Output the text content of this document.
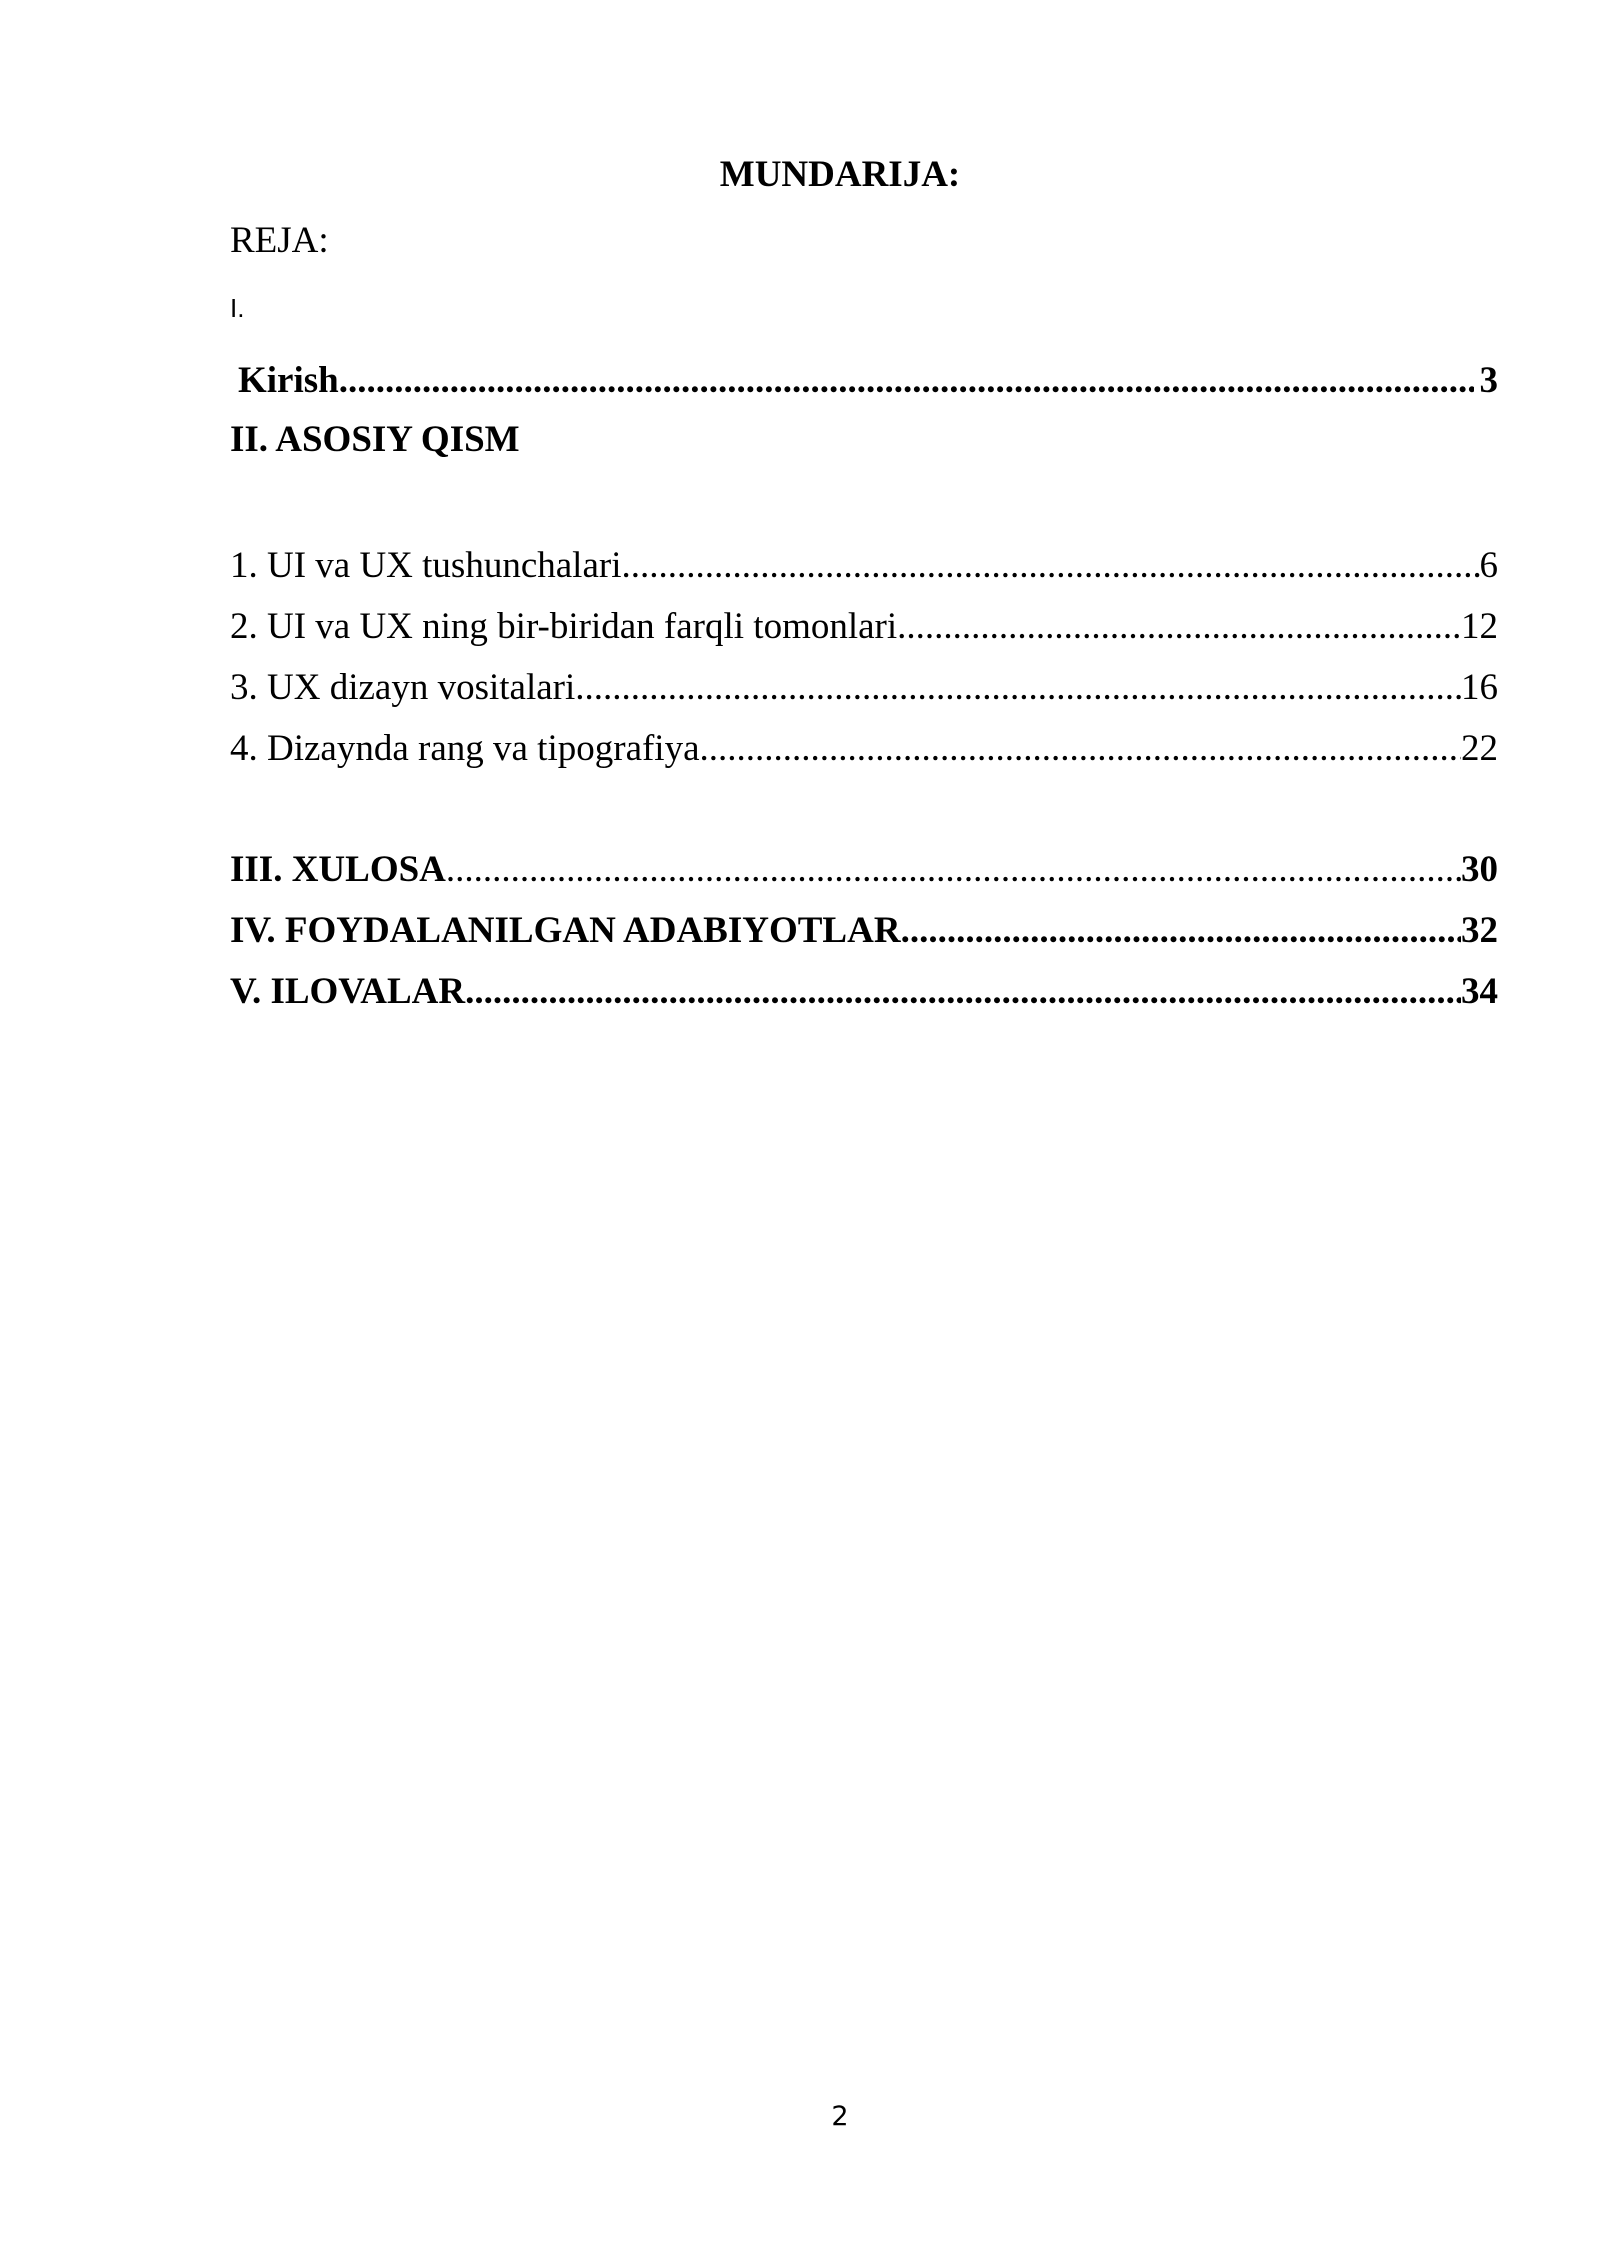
MUNDARIJA:

REJA:

I.

Kirish .....	3
II. ASOSIY QISM
1. UI va UX tushunchalari .....	6
2. UI va UX ning bir-biridan farqli tomonlari .....	12
3. UX dizayn vositalari .....	16
4. Dizaynda rang va tipografiya .....	22
III. XULOSA .....	30
IV. FOYDALANILGAN ADABIYOTLAR .....	32
V. ILOVALAR .....	34
2
